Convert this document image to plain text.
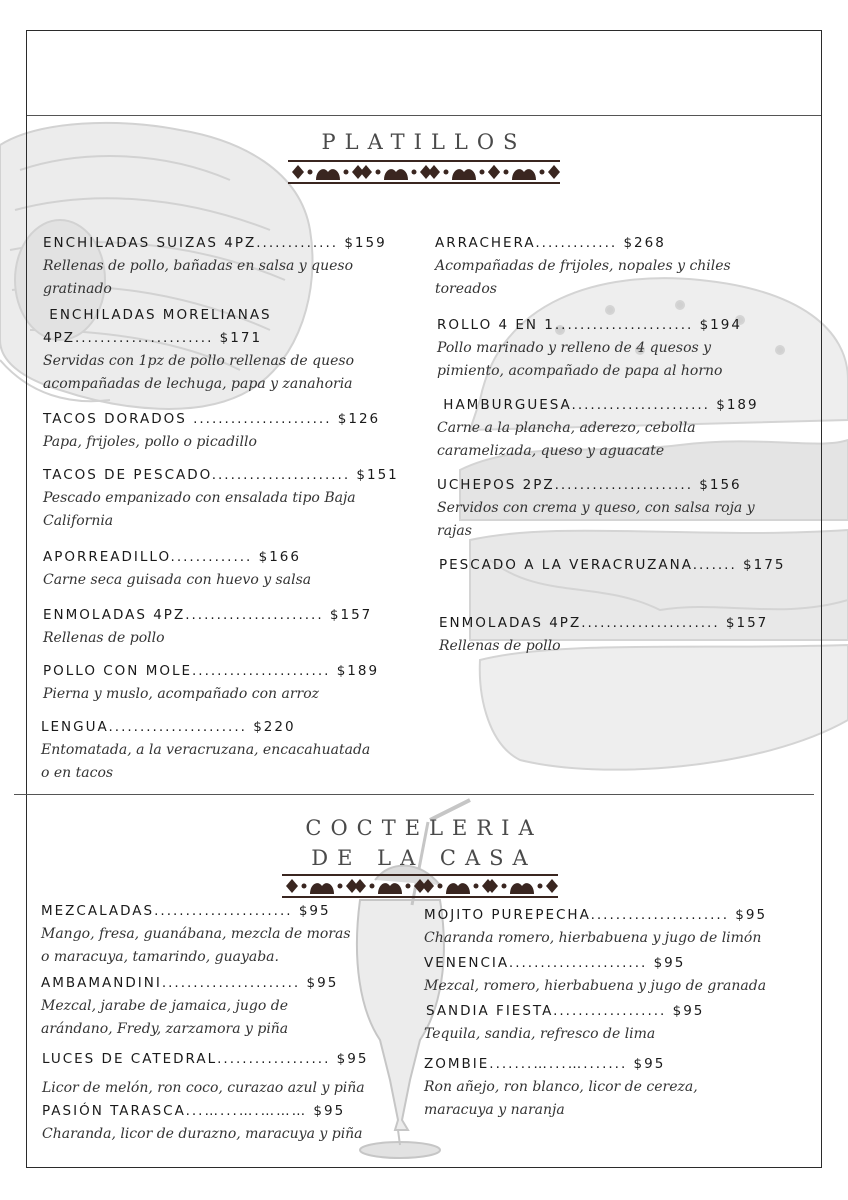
PLATILLOS
ENCHILADAS SUIZAS 4PZ............. $159
Rellenas de pollo, bañadas en salsa y queso gratinado
ENCHILADAS MORELIANAS
4PZ...................... $171
Servidas con 1pz de pollo rellenas de queso acompañadas de lechuga, papa y zanahoria
TACOS DORADOS ...................... $126
Papa, frijoles, pollo o picadillo
TACOS DE PESCADO...................... $151
Pescado empanizado con ensalada tipo Baja California
APORREADILLO............. $166
Carne seca guisada con huevo y salsa
ENMOLADAS 4PZ...................... $157
Rellenas de pollo
POLLO CON MOLE...................... $189
Pierna y muslo, acompañado con arroz
LENGUA...................... $220
Entomatada, a la veracruzana, encacahuatada o en tacos
ARRACHERA............. $268
Acompañadas de frijoles, nopales y chiles toreados
ROLLO 4 EN 1...................... $194
Pollo marinado y relleno de 4 quesos y pimiento, acompañado de papa al horno
HAMBURGUESA...................... $189
Carne a la plancha, aderezo, cebolla caramelizada, queso y aguacate
UCHEPOS 2PZ...................... $156
Servidos con crema y queso, con salsa roja y rajas
PESCADO A LA VERACRUZANA....... $175
ENMOLADAS 4PZ...................... $157
Rellenas de pollo
COCTELERIA
DE LA CASA
MEZCALADAS...................... $95
Mango, fresa, guanábana, mezcla de moras o maracuya, tamarindo, guayaba.
AMBAMANDINI...................... $95
Mezcal, jarabe de jamaica, jugo de arándano, Fredy, zarzamora y piña
LUCES DE CATEDRAL.................. $95
Licor de melón, ron coco, curazao azul y piña
PASIÓN TARASCA...…...….……… $95
Charanda, licor de durazno, maracuya y piña
MOJITO PUREPECHA...................... $95
Charanda romero, hierbabuena y jugo de limón
VENENCIA...................... $95
Mezcal, romero, hierbabuena y jugo de granada
SANDIA FIESTA.................. $95
Tequila, sandia, refresco de lima
ZOMBIE.......…...…....... $95
Ron añejo, ron blanco, licor de cereza, maracuya y naranja
